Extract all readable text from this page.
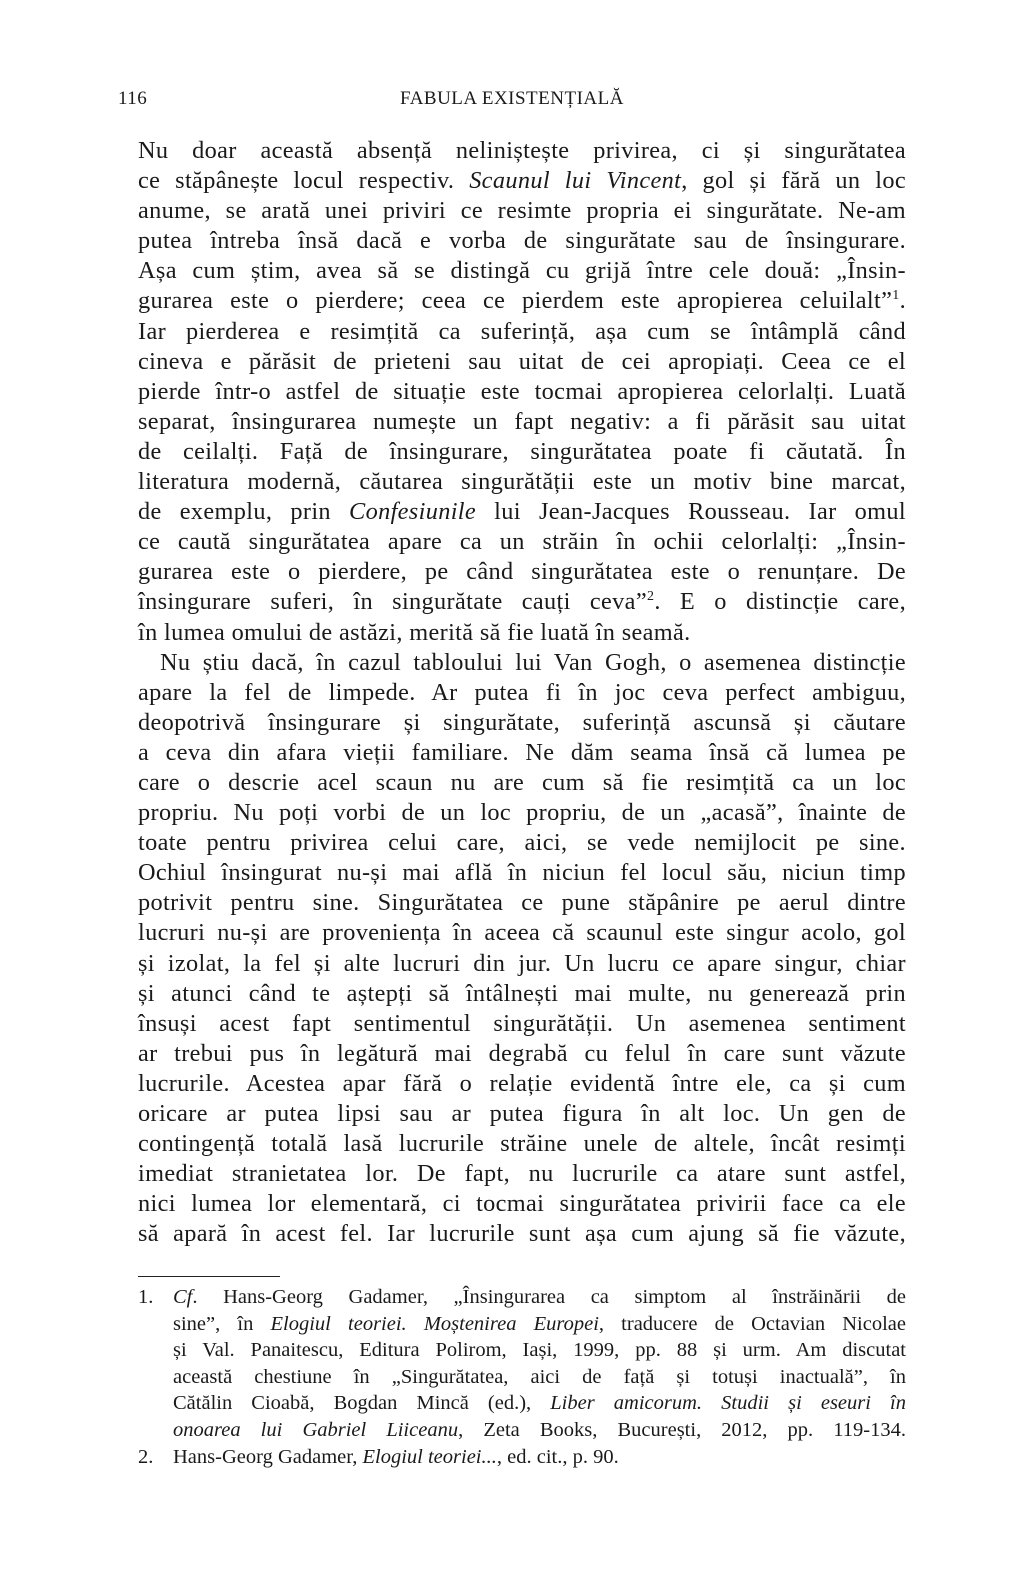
116	FABULA EXISTENȚIALĂ
Nu doar această absență neliniștește privirea, ci și singurătatea
ce stăpânește locul respectiv. Scaunul lui Vincent, gol și fără un loc
anume, se arată unei priviri ce resimte propria ei singurătate. Ne-am
putea întreba însă dacă e vorba de singurătate sau de însingurare.
Așa cum știm, avea să se distingă cu grijă între cele două: „Însin-
gurarea este o pierdere; ceea ce pierdem este apropierea celuilalt”$^1$.
Iar pierderea e resimțită ca suferință, așa cum se întâmplă când
cineva e părăsit de prieteni sau uitat de cei apropiați. Ceea ce el
pierde într-o astfel de situație este tocmai apropierea celorlalți. Luată
separat, însingurarea numește un fapt negativ: a fi părăsit sau uitat
de ceilalți. Față de însingurare, singurătatea poate fi căutată. În
literatura modernă, căutarea singurătății este un motiv bine marcat,
de exemplu, prin Confesiunile lui Jean-Jacques Rousseau. Iar omul
ce caută singurătatea apare ca un străin în ochii celorlalți: „Însin-
gurarea este o pierdere, pe când singurătatea este o renunțare. De
însingurare suferi, în singurătate cauți ceva”$^2$. E o distincție care,
în lumea omului de astăzi, merită să fie luată în seamă.
Nu știu dacă, în cazul tabloului lui Van Gogh, o asemenea distincție
apare la fel de limpede. Ar putea fi în joc ceva perfect ambiguu,
deopotrivă însingurare și singurătate, suferință ascunsă și căutare
a ceva din afara vieții familiare. Ne dăm seama însă că lumea pe
care o descrie acel scaun nu are cum să fie resimțită ca un loc
propriu. Nu poți vorbi de un loc propriu, de un „acasă”, înainte de
toate pentru privirea celui care, aici, se vede nemijlocit pe sine.
Ochiul însingurat nu-și mai află în niciun fel locul său, niciun timp
potrivit pentru sine. Singurătatea ce pune stăpânire pe aerul dintre
lucruri nu-și are proveniența în aceea că scaunul este singur acolo, gol
și izolat, la fel și alte lucruri din jur. Un lucru ce apare singur, chiar
și atunci când te aștepți să întâlnești mai multe, nu generează prin
însuși acest fapt sentimentul singurătății. Un asemenea sentiment
ar trebui pus în legătură mai degrabă cu felul în care sunt văzute
lucrurile. Acestea apar fără o relație evidentă între ele, ca și cum
oricare ar putea lipsi sau ar putea figura în alt loc. Un gen de
contingență totală lasă lucrurile străine unele de altele, încât resimți
imediat stranietatea lor. De fapt, nu lucrurile ca atare sunt astfel,
nici lumea lor elementară, ci tocmai singurătatea privirii face ca ele
să apară în acest fel. Iar lucrurile sunt așa cum ajung să fie văzute,
1. Cf. Hans-Georg Gadamer, „Însingurarea ca simptom al înstrăinării de
sine”, în Elogiul teoriei. Moștenirea Europei, traducere de Octavian Nicolae
și Val. Panaitescu, Editura Polirom, Iași, 1999, pp. 88 și urm. Am discutat
această chestiune în „Singurătatea, aici de față și totuși inactuală”, în
Cătălin Cioabă, Bogdan Mincă (ed.), Liber amicorum. Studii și eseuri în
onoarea lui Gabriel Liiceanu, Zeta Books, București, 2012, pp. 119-134.
2. Hans-Georg Gadamer, Elogiul teoriei..., ed. cit., p. 90.
